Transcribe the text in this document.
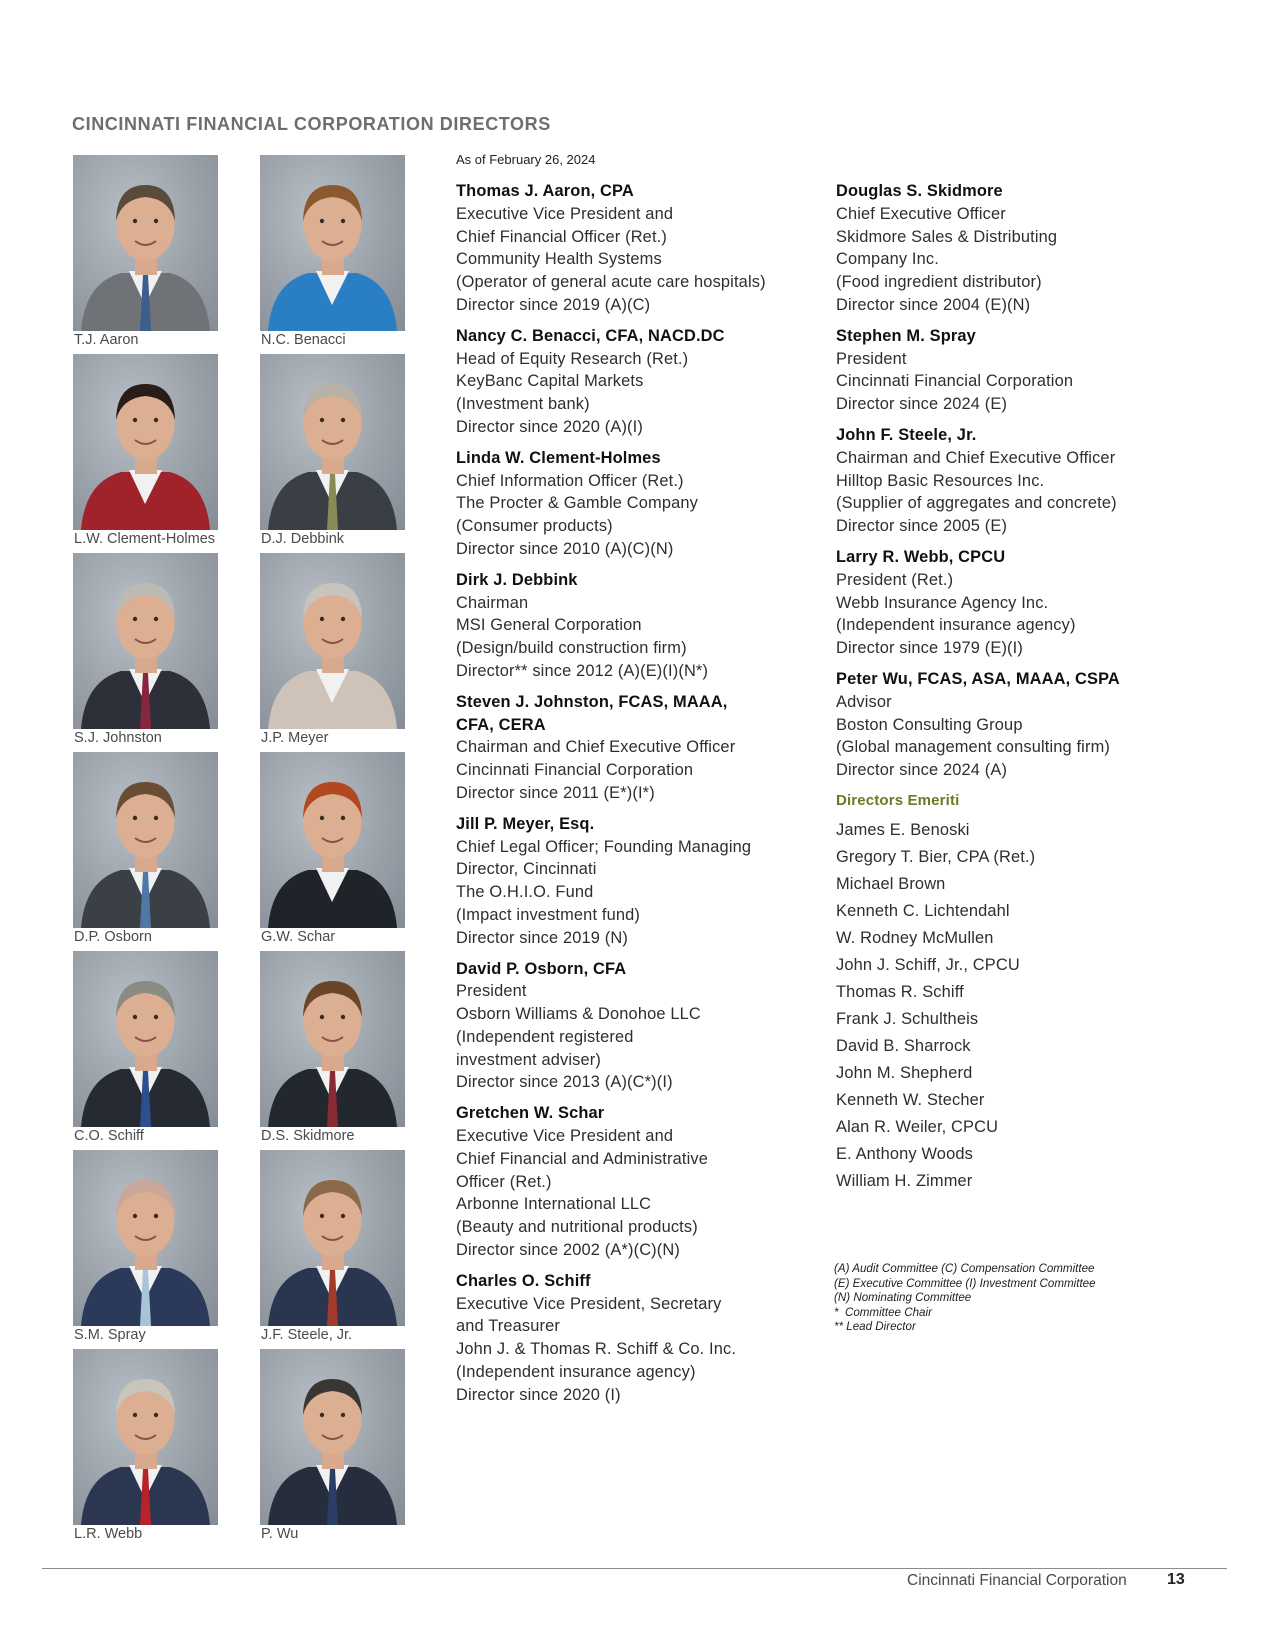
CINCINNATI FINANCIAL CORPORATION DIRECTORS
T.J. Aaron	N.C. Benacci
L.W. Clement-Holmes	D.J. Debbink
S.J. Johnston	J.P. Meyer
D.P. Osborn	G.W. Schar
C.O. Schiff	D.S. Skidmore
S.M. Spray	J.F. Steele, Jr.
L.R. Webb	P. Wu
As of February 26, 2024
Thomas J. Aaron, CPA
Executive Vice President and
Chief Financial Officer (Ret.)
Community Health Systems
(Operator of general acute care hospitals)
Director since 2019 (A)(C)
Nancy C. Benacci, CFA, NACD.DC
Head of Equity Research (Ret.)
KeyBanc Capital Markets
(Investment bank)
Director since 2020 (A)(I)
Linda W. Clement-Holmes
Chief Information Officer (Ret.)
The Procter & Gamble Company
(Consumer products)
Director since 2010 (A)(C)(N)
Dirk J. Debbink
Chairman
MSI General Corporation
(Design/build construction firm)
Director** since 2012 (A)(E)(I)(N*)
Steven J. Johnston, FCAS, MAAA,
CFA, CERA
Chairman and Chief Executive Officer
Cincinnati Financial Corporation
Director since 2011 (E*)(I*)
Jill P. Meyer, Esq.
Chief Legal Officer; Founding Managing
Director, Cincinnati
The O.H.I.O. Fund
(Impact investment fund)
Director since 2019 (N)
David P. Osborn, CFA
President
Osborn Williams & Donohoe LLC
(Independent registered
investment adviser)
Director since 2013 (A)(C*)(I)
Gretchen W. Schar
Executive Vice President and
Chief Financial and Administrative
Officer (Ret.)
Arbonne International LLC
(Beauty and nutritional products)
Director since 2002 (A*)(C)(N)
Charles O. Schiff
Executive Vice President, Secretary
and Treasurer
John J. & Thomas R. Schiff & Co. Inc.
(Independent insurance agency)
Director since 2020 (I)
Douglas S. Skidmore
Chief Executive Officer
Skidmore Sales & Distributing
Company Inc.
(Food ingredient distributor)
Director since 2004 (E)(N)
Stephen M. Spray
President
Cincinnati Financial Corporation
Director since 2024 (E)
John F. Steele, Jr.
Chairman and Chief Executive Officer
Hilltop Basic Resources Inc.
(Supplier of aggregates and concrete)
Director since 2005 (E)
Larry R. Webb, CPCU
President (Ret.)
Webb Insurance Agency Inc.
(Independent insurance agency)
Director since 1979 (E)(I)
Peter Wu, FCAS, ASA, MAAA, CSPA
Advisor
Boston Consulting Group
(Global management consulting firm)
Director since 2024 (A)
Directors Emeriti
James E. Benoski
Gregory T. Bier, CPA (Ret.)
Michael Brown
Kenneth C. Lichtendahl
W. Rodney McMullen
John J. Schiff, Jr., CPCU
Thomas R. Schiff
Frank J. Schultheis
David B. Sharrock
John M. Shepherd
Kenneth W. Stecher
Alan R. Weiler, CPCU
E. Anthony Woods
William H. Zimmer
(A) Audit Committee (C) Compensation Committee
(E) Executive Committee (I) Investment Committee
(N) Nominating Committee
*  Committee Chair
** Lead Director
Cincinnati Financial Corporation	13
